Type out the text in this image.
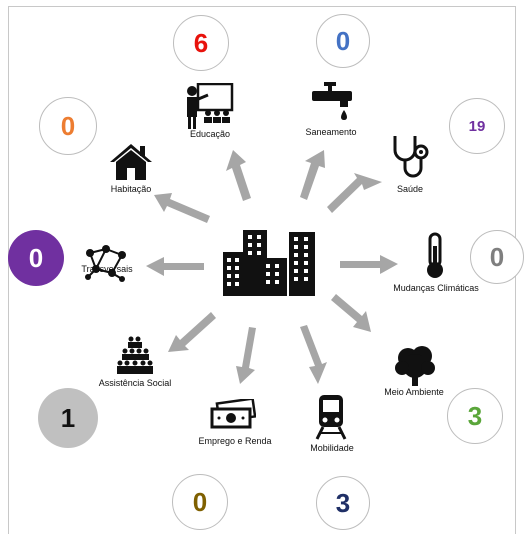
6
Educação
0
Saneamento	19
Saúde
0
Mudanças Climáticas
3
Meio Ambiente
3
Mobilidade
0
Emprego e Renda
1
Assistência Social
0	Transversais
0
Habitação
